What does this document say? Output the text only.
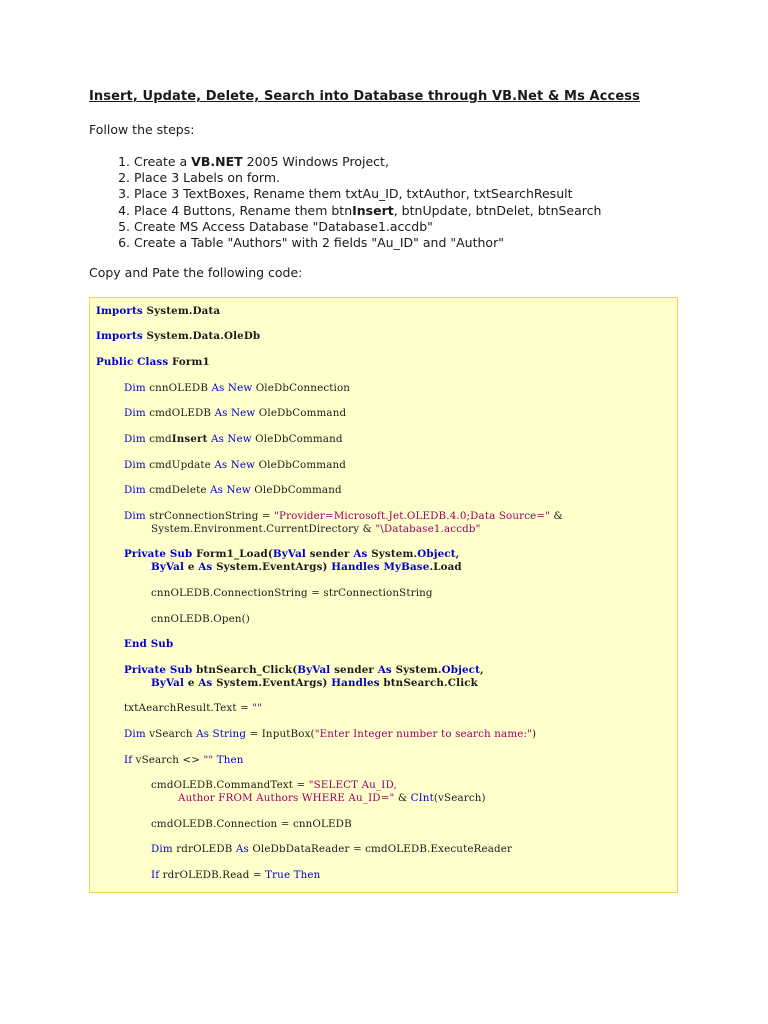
Insert, Update, Delete, Search into Database through VB.Net & Ms Access
Follow the steps:
1. Create a VB.NET 2005 Windows Project,
2. Place 3 Labels on form.
3. Place 3 TextBoxes, Rename them txtAu_ID, txtAuthor, txtSearchResult
4. Place 4 Buttons, Rename them btnInsert, btnUpdate, btnDelet, btnSearch
5. Create MS Access Database "Database1.accdb"
6. Create a Table "Authors" with 2 fields "Au_ID" and "Author"
Copy and Pate the following code:
Imports System.Data
Imports System.Data.OleDb
Public Class Form1
Dim cnnOLEDB As New OleDbConnection
Dim cmdOLEDB As New OleDbCommand
Dim cmdInsert As New OleDbCommand
Dim cmdUpdate As New OleDbCommand
Dim cmdDelete As New OleDbCommand
Dim strConnectionString = "Provider=Microsoft.Jet.OLEDB.4.0;Data Source=" &
System.Environment.CurrentDirectory & "\Database1.accdb"
Private Sub Form1_Load(ByVal sender As System.Object,
ByVal e As System.EventArgs) Handles MyBase.Load
cnnOLEDB.ConnectionString = strConnectionString
cnnOLEDB.Open()
End Sub
Private Sub btnSearch_Click(ByVal sender As System.Object,
ByVal e As System.EventArgs) Handles btnSearch.Click
txtAearchResult.Text = ""
Dim vSearch As String = InputBox("Enter Integer number to search name:")
If vSearch <> "" Then
cmdOLEDB.CommandText = "SELECT Au_ID,
Author FROM Authors WHERE Au_ID=" & CInt(vSearch)
cmdOLEDB.Connection = cnnOLEDB
Dim rdrOLEDB As OleDbDataReader = cmdOLEDB.ExecuteReader
If rdrOLEDB.Read = True Then
